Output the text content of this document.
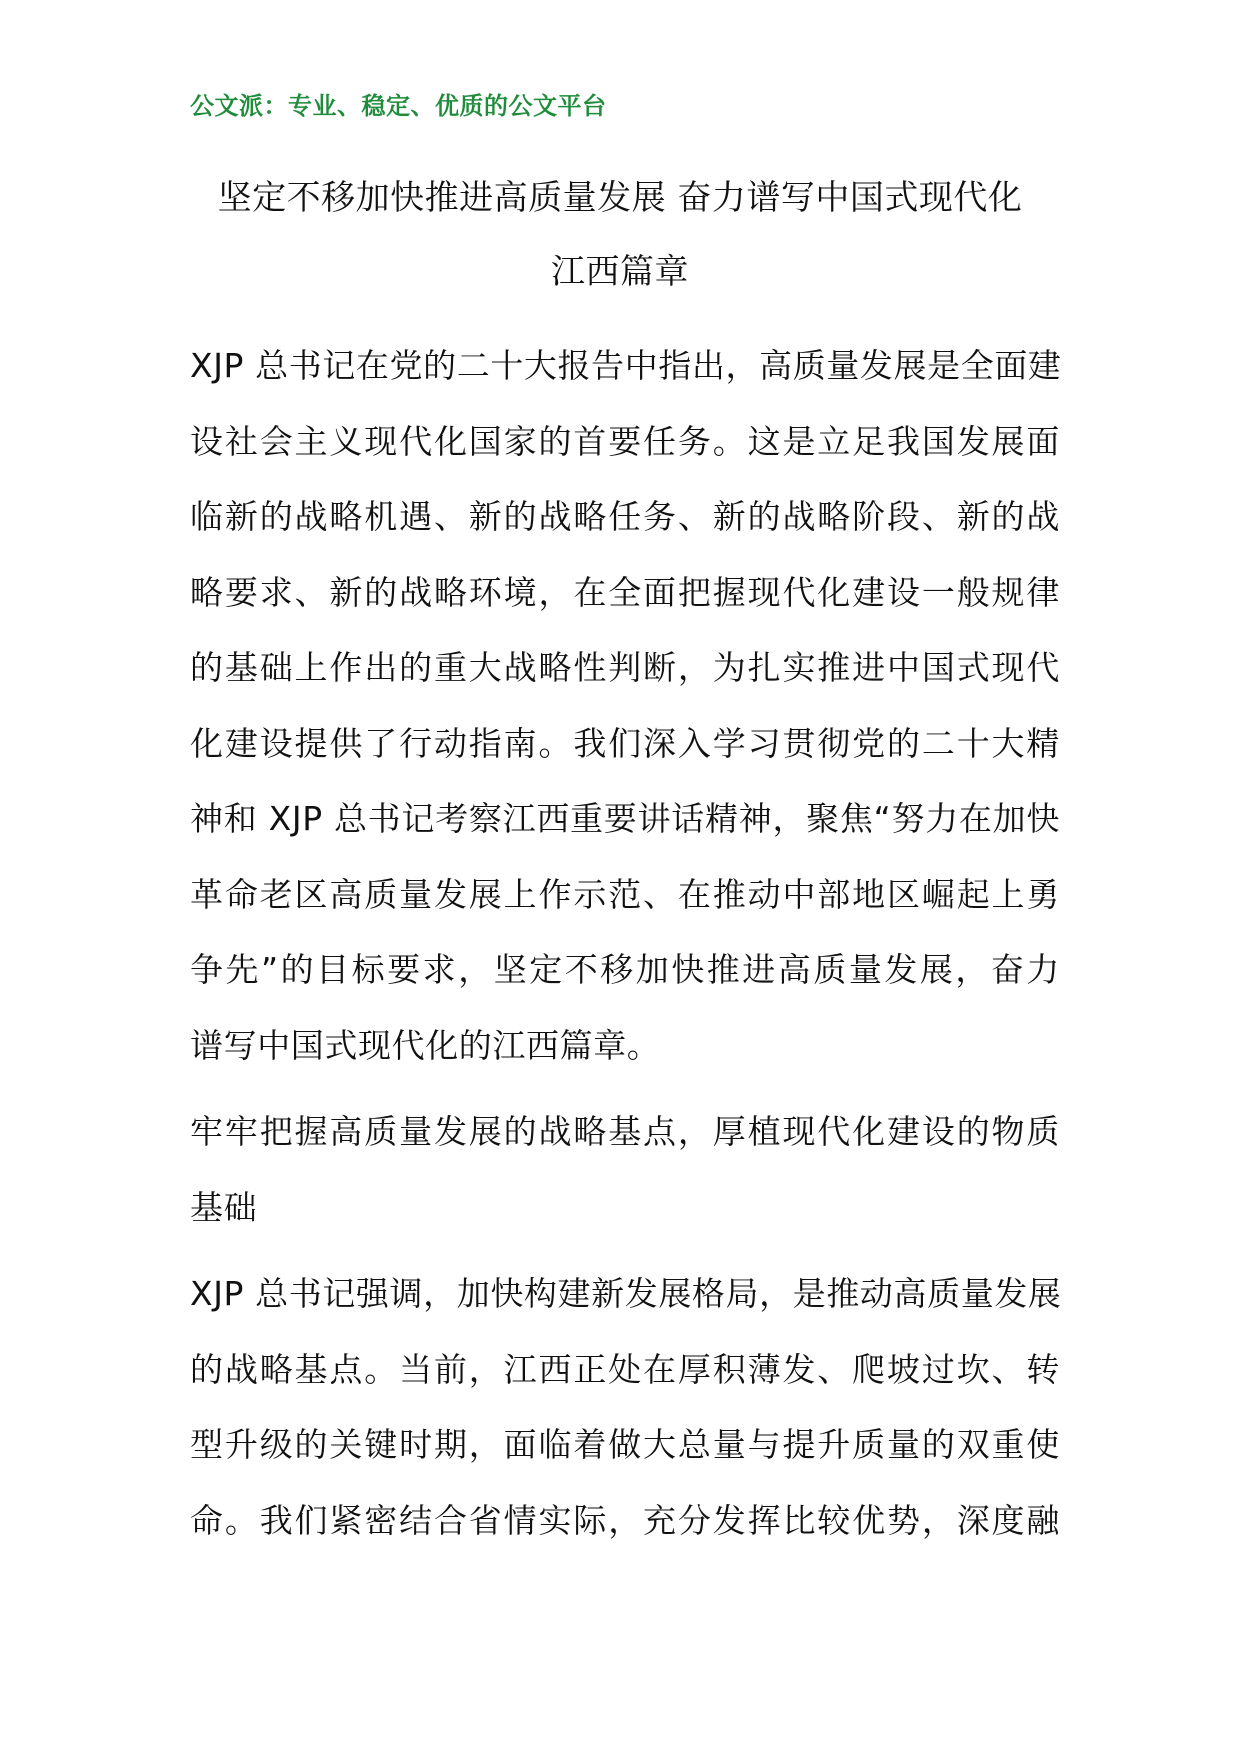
公文派：专业、稳定、优质的公文平台
坚定不移加快推进高质量发展 奋力谱写中国式现代化
江西篇章
XJP 总书记在党的二十大报告中指出，高质量发展是全面建
设社会主义现代化国家的首要任务。这是立足我国发展面
临新的战略机遇、新的战略任务、新的战略阶段、新的战
略要求、新的战略环境，在全面把握现代化建设一般规律
的基础上作出的重大战略性判断，为扎实推进中国式现代
化建设提供了行动指南。我们深入学习贯彻党的二十大精
神和 XJP 总书记考察江西重要讲话精神，聚焦“努力在加快
革命老区高质量发展上作示范、在推动中部地区崛起上勇
争先”的目标要求，坚定不移加快推进高质量发展，奋力
谱写中国式现代化的江西篇章。
牢牢把握高质量发展的战略基点，厚植现代化建设的物质
基础
XJP 总书记强调，加快构建新发展格局，是推动高质量发展
的战略基点。当前，江西正处在厚积薄发、爬坡过坎、转
型升级的关键时期，面临着做大总量与提升质量的双重使
命。我们紧密结合省情实际，充分发挥比较优势，深度融
